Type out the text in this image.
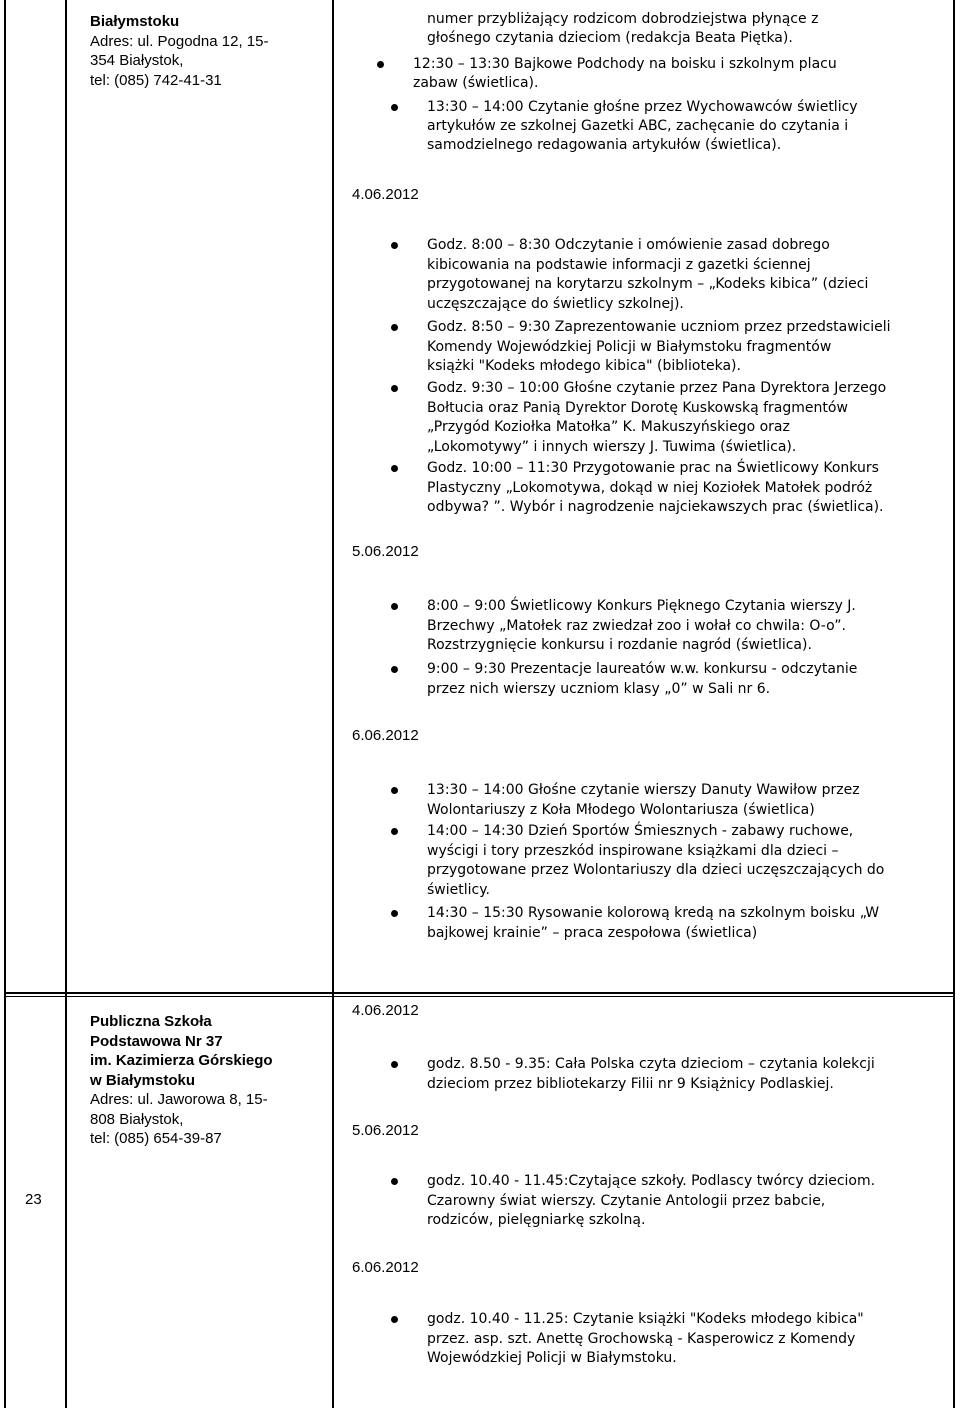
Białymstoku
Adres: ul. Pogodna 12, 15-
354 Białystok,
tel: (085) 742-41-31
numer przybliżający rodzicom dobrodziejstwa płynące z
głośnego czytania dzieciom (redakcja Beata Piętka).
12:30 – 13:30 Bajkowe Podchody na boisku i szkolnym placu
zabaw (świetlica).
13:30 – 14:00 Czytanie głośne przez Wychowawców świetlicy
artykułów ze szkolnej Gazetki ABC, zachęcanie do czytania i
samodzielnego redagowania artykułów (świetlica).
4.06.2012
Godz. 8:00 – 8:30 Odczytanie i omówienie zasad dobrego
kibicowania na podstawie informacji z gazetki ściennej
przygotowanej na korytarzu szkolnym – „Kodeks kibica” (dzieci
uczęszczające do świetlicy szkolnej).
Godz. 8:50 – 9:30 Zaprezentowanie uczniom przez przedstawicieli
Komendy Wojewódzkiej Policji w Białymstoku fragmentów
książki "Kodeks młodego kibica" (biblioteka).
Godz. 9:30 – 10:00 Głośne czytanie przez Pana Dyrektora Jerzego
Bołtucia oraz Panią Dyrektor Dorotę Kuskowską fragmentów
„Przygód Koziołka Matołka” K. Makuszyńskiego oraz
„Lokomotywy” i innych wierszy J. Tuwima (świetlica).
Godz. 10:00 – 11:30 Przygotowanie prac na Świetlicowy Konkurs
Plastyczny „Lokomotywa, dokąd w niej Koziołek Matołek podróż
odbywa? ”. Wybór i nagrodzenie najciekawszych prac (świetlica).
5.06.2012
8:00 – 9:00 Świetlicowy Konkurs Pięknego Czytania wierszy J.
Brzechwy „Matołek raz zwiedzał zoo i wołał co chwila: O-o”.
Rozstrzygnięcie konkursu i rozdanie nagród (świetlica).
9:00 – 9:30 Prezentacje laureatów w.w. konkursu - odczytanie
przez nich wierszy uczniom klasy „0” w Sali nr 6.
6.06.2012
13:30 – 14:00 Głośne czytanie wierszy Danuty Wawiłow przez
Wolontariuszy z Koła Młodego Wolontariusza (świetlica)
14:00 – 14:30 Dzień Sportów Śmiesznych - zabawy ruchowe,
wyścigi i tory przeszkód inspirowane książkami dla dzieci –
przygotowane przez Wolontariuszy dla dzieci uczęszczających do
świetlicy.
14:30 – 15:30 Rysowanie kolorową kredą na szkolnym boisku „W
bajkowej krainie” – praca zespołowa (świetlica)
23
Publiczna Szkoła
Podstawowa Nr 37
im. Kazimierza Górskiego
w Białymstoku
Adres: ul. Jaworowa 8, 15-
808 Białystok,
tel: (085) 654-39-87
4.06.2012
godz. 8.50 - 9.35: Cała Polska czyta dzieciom – czytania kolekcji
dzieciom przez bibliotekarzy Filii nr 9 Książnicy Podlaskiej.
5.06.2012
godz. 10.40 - 11.45:Czytające szkoły. Podlascy twórcy dzieciom.
Czarowny świat wierszy. Czytanie Antologii przez babcie,
rodziców, pielęgniarkę szkolną.
6.06.2012
godz. 10.40 - 11.25: Czytanie książki "Kodeks młodego kibica"
przez. asp. szt. Anettę Grochowską - Kasperowicz z Komendy
Wojewódzkiej Policji w Białymstoku.
